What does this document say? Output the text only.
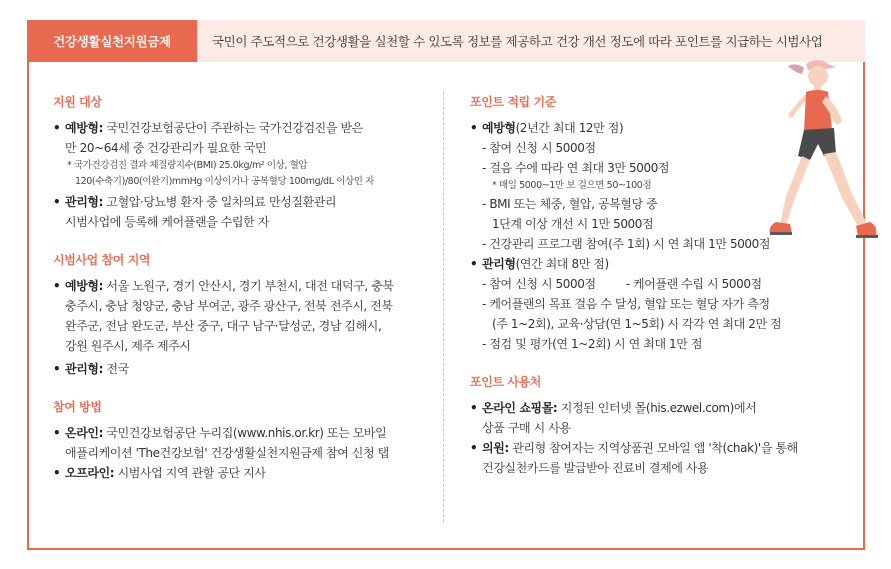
건강생활실천지원금제	국민이 주도적으로 건강생활을 실천할 수 있도록 정보를 제공하고 건강 개선 정도에 따라 포인트를 지급하는 시범사업
지원 대상
• 예방형: 국민건강보험공단이 주관하는 국가건강검진을 받은
만 20~64세 중 건강관리가 필요한 국민
* 국가건강검진 결과 체질량지수(BMI) 25.0kg/m² 이상, 혈압
120(수축기)/80(이완기)mmHg 이상이거나 공복혈당 100mg/dL 이상인 자
• 관리형: 고혈압·당뇨병 환자 중 일차의료 만성질환관리
시범사업에 등록해 케어플랜을 수립한 자
시범사업 참여 지역
• 예방형: 서울 노원구, 경기 안산시, 경기 부천시, 대전 대덕구, 충북
충주시, 충남 청양군, 충남 부여군, 광주 광산구, 전북 전주시, 전북
완주군, 전남 완도군, 부산 중구, 대구 남구·달성군, 경남 김해시,
강원 원주시, 제주 제주시
• 관리형: 전국
참여 방법
• 온라인: 국민건강보험공단 누리집(www.nhis.or.kr) 또는 모바일
애플리케이션 'The건강보험' 건강생활실천지원금제 참여 신청 탭
• 오프라인: 시범사업 지역 관할 공단 지사
포인트 적립 기준
• 예방형(2년간 최대 12만 점)
- 참여 신청 시 5000점
- 걸음 수에 따라 연 최대 3만 5000점
* 매일 5000~1만 보 걸으면 50~100점
- BMI 또는 체중, 혈압, 공복혈당 중
1단계 이상 개선 시 1만 5000점
- 건강관리 프로그램 참여(주 1회) 시 연 최대 1만 5000점
• 관리형(연간 최대 8만 점)
- 참여 신청 시 5000점	- 케어플랜 수립 시 5000점
- 케어플랜의 목표 걸음 수 달성, 혈압 또는 혈당 자가 측정
(주 1~2회), 교육·상담(연 1~5회) 시 각각 연 최대 2만 점
- 점검 및 평가(연 1~2회) 시 연 최대 1만 점
포인트 사용처
• 온라인 쇼핑몰: 지정된 인터넷 몰(his.ezwel.com)에서
상품 구매 시 사용
• 의원: 관리형 참여자는 지역상품권 모바일 앱 '착(chak)'을 통해
건강실천카드를 발급받아 진료비 결제에 사용
